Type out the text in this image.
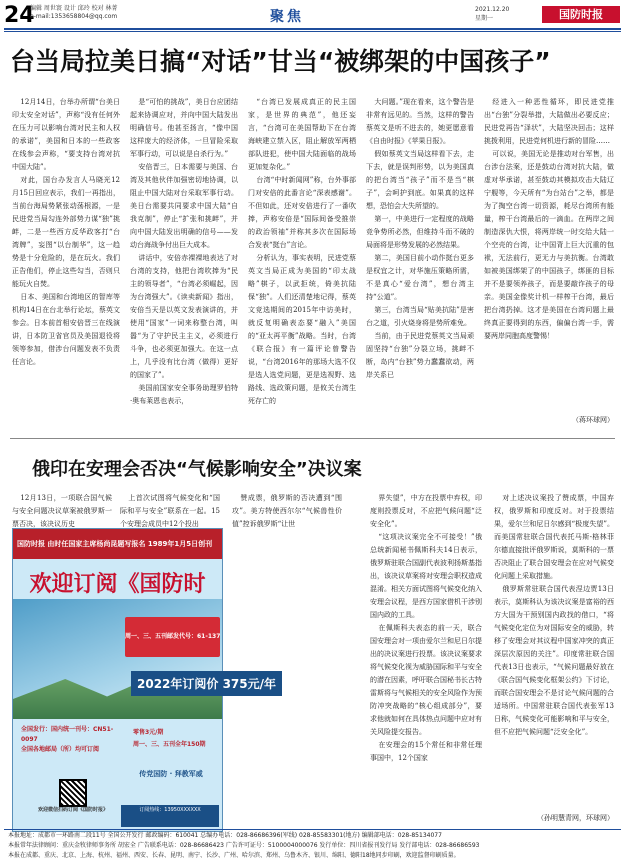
24
编辑 周世寰 设计 邱玲 校对 林菁
e-mail:1353658804@qq.com	聚焦	2021.12.20
星期一	国防时报
台当局拉美日搞“对话”甘当“被绑架的中国孩子”

12月14日，台举办所谓“台美日印太安全对话”，声称“没有任何外在压力可以影响台湾对民主和人权的承诺”，美国和日本的一些政客在线参会声称，“要支持台湾对抗中国大陆”。

对此，国台办发言人马晓光12月15日回应表示，我们一再指出，当前台海局势紧张动荡根源，一是民进党当局勾连外部势力谋“独”挑衅，二是一些西方反华政客打“台湾牌”，妄图“以台制华”，这一趋势是十分危险的，是在玩火。我们正告他们，停止这些勾当，否则只能玩火自焚。

日本、美国和台湾地区的智库等机构14日在台北举行论坛，蔡英文参会。日本前首相安倍晋三在线演讲，日本防卫省官员及美国退役将领等参加，借涉台问题发表不负责任言论。

是“可怕的挑战”，美日台应团结起来协调应对，并向中国大陆发出明确信号。他甚至扬言，“像中国这样庞大的经济体，一旦冒险采取军事行动，可以说是自杀行为。”

安倍晋三，日本需要与美国、台湾及其他伙伴加强密切地协调，以阻止中国大陆对台采取军事行动。美日台需要共同要求中国大陆“自我克制”，停止“扩张和挑衅”，并向中国大陆发出明确的信号——发动台海战争付出巨大成本。

讲话中，安倍赤裸裸地表达了对台湾的支持，他把台湾吹捧为“民主的领导者”，“台湾必须崛起，因为台湾强大”。《读卖新闻》指出，安倍当天是以英文发表演讲的，并使用“国家”一词来称整台湾，叫嚣“为了守护民主主义，必须进行斗争，也必须更加强大。在这一点上，几乎没有比台湾（做得）更好的国家了”。

美国前国家安全事务助理罗伯特·奥布莱恩也表示，

“台湾已发展成真正的民主国家，是世界的典范”，他还妄言，“台湾可在美国帮助下在台湾海峡建立禁入区，阻止解放军两栖部队进犯，使中国大陆面临的战场更加复杂化。”

台湾“中时新闻网”称，台外事部门对安倍的此番言论“深表感谢”。不但如此，还对安倍进行了一番吹捧，声称安倍是“国际间备受推崇的政治领袖”并称其多次在国际场合发表“挺台”言论。

分析认为，事实表明，民进党蔡英文当局正成为美国的“印太战略”棋子，以武拒统，倚美抗陆保“独”。人们还清楚地记得，蔡英文竞选期间的2015年中访美时，就反复明确表态要“融入”美国的“亚太再平衡”战略。当时，台湾《联合报》有一篇评论曾警告说，“台湾2016年的那场大选不仅是选人选党问题，更是选视野、选路线、选政策问题，是攸关台湾生死存亡的

大问题。”现在看来，这个警告是非常有远见的。当然，这样的警告蔡英文是听不进去的，她更愿意看《自由时报》《苹果日报》。

假如蔡英文当局这样看下去，走下去，就是误判形势，以为美国真的把台湾当“孩子”而不是当“棋子”，会呵护到底。如果真的这样想，恐怕会大失所望的。

第一，中美进行一定程度的战略竞争势所必然，但维持斗而不破的局面将是形势发展的必然结果。

第二，美国目前小动作挺台更多是权宜之计，对华施压策略所需，不是真心“爱台湾”，想台湾主持“公道”。

第三，台湾当局“贴美抗陆”是害台之道，引火烧身将是势所难免。

当前，由于民进党蔡英文当局顽固坚持“台独”分裂立场，挑衅不断，岛内“台独”势力蠢蠢欲动，两岸关系已

经进入一种恶性循环，即民进党推出“台独”分裂举措，大陆做出必要反应；民进党再告“泽状”，大陆坚决回击；这样挑拨利用，民进党何机进行新的冒险……

可以说，美国无论是推动对台军售，出台涉台法案，还是鼓动台湾对抗大陆，做虚对华承诺，甚至鼓动其模拟攻击大陆辽宁舰等，今天所有“为台站台”之举，都是为了掏空台湾一切资源，耗尽台湾所有能量，榨干台湾最后的一滴血。在两岸之间制造深仇大恨，将两岸统一时交给大陆一个空壳的台湾，让中国背上巨大沉重的包袱，无法前行，更无力与美抗衡。台湾敢如被美国绑架了的中国孩子，绑匪的目标并不是要领养孩子，而是要敲诈孩子的母亲。美国金像奖计机一样榨干台湾，最后把台湾扔掉。这才是美国在台湾问题上最终真正要得到的东西，偏偏台湾一手，需要两岸同胞高度警惕！

（蒋环球网）
俄印在安理会否决“气候影响安全”决议案

12月13日，一项联合国气候与安全问题决议草案被俄罗斯一票否决，该决议历史

上首次试图将气候变化和“国际和平与安全”联系在一起。15个安理会成员中12个投出

赞成票，俄罗斯的否决遭到“围攻”。美方特使西尔尔“气候兽性价值”控诉俄罗斯“让世

界失望”，中方在投票中弃权，印度则投票反对，不应把气候问题“泛安全化”。

“这项决议案完全不可接受！”俄总统新闻秘书佩斯科夫14日表示，俄罗斯驻联合国副代表波利扬斯基指出，该决议草案将对安理会职权造成混淆。相关方面试图将气候变化纳入安理会议程，是西方国家借机干涉别国内政的工具。

在佩斯科夫表态的前一天，联合国安理会对一项由爱尔兰和尼日尔提出的决议案进行投票。该决议案要求将气候变化视为威胁国际和平与安全的潜在因素，呼吁联合国秘书长古特雷斯将与气候相关的安全风险作为预防冲突战略的“核心组成部分”，要求他就如何在具体热点问题中应对有关风险提交报告。

在安理会的15个常任和非常任理事国中，12个国家

对上述决议案投了赞成票，中国弃权，俄罗斯和印度反对。对于投票结果，爱尔兰和尼日尔感到“极度失望”。而美国常驻联合国代表托马斯-格林菲尔德直接批评俄罗斯说，莫斯科的一票否决阻止了联合国安理会在应对气候变化问题上采取措施。

俄罗斯常驻联合国代表涅边贾13日表示，莫斯科认为该决议案是富裕的西方大国为干预别国内政找的借口，“将气候变化定位为对国际安全的威胁，转移了安理会对其议程中国家冲突的真正深层次原因的关注”。印度常驻联合国代表13日也表示，“气候问题最好放在《联合国气候变化框架公约》下讨论，而联合国安理会不是讨论气候问题的合适场所。中国常驻联合国代表张军13日称，气候变化可能影响和平与安全，但不应把气候问题“泛安全化”。

（孙明慧青网，环球网）
国防时报 由时任国家主席杨尚昆题写报名 1989年1月5日创刊
欢迎订阅《国防时
周一、三、五刊邮发代号：61-137
2022年订阅价 375元/年
全国发行：国内统一刊号：CN51-0097
全国各地邮局（所）均可订阅
零售3元/期
周一、三、五刊全年150期
传党国防 · 拜教军威
欢迎微信扫码订阅《国防时报》	订阅热线：13950XXXXXX
本报地址：成都市一环路南二段11号 全国公开发行 邮政编码：610041 总编办电话：028-86686396(军线) 028-85583301(地方) 编辑部电话：028-85134077
本报常年法律顾问：重庆金牧律师事务所 胡宏全 广告联系电话：028-86686423 广告许可证号：5100004000076 发行单位：四川省报刊发行局 发行部电话：028-86686593
本报在成都、重庆、北京、上海、杭州、福州、西安、长春、昆明、南宁、长沙、广州、哈尔滨、郑州、乌鲁木齐、银川、绵阳、德阳18地同步印刷，欢迎监督印刷质量。
